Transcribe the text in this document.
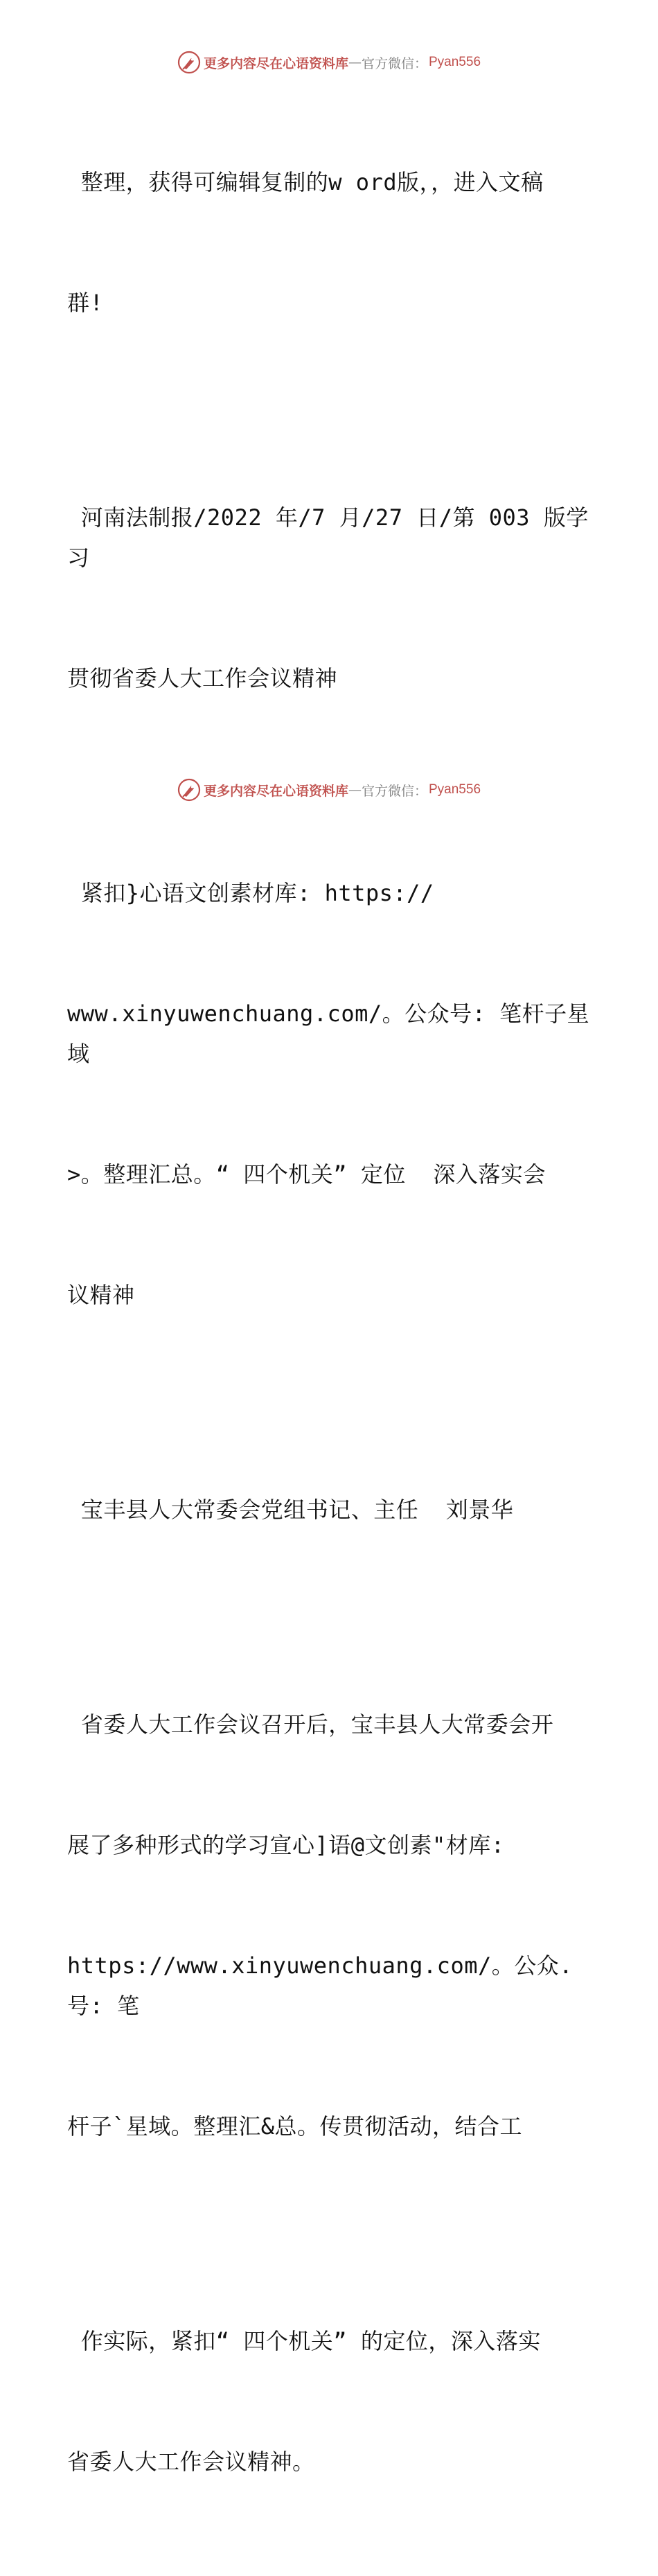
更多内容尽在心语资料库 — 官方微信： Pyan556

整理，获得可编辑复制的w ord版，，进入文稿

群!

河南法制报/2022 年/7 月/27 日/第 003 版学习

贯彻省委人大工作会议精神

紧扣}心语文创素材库: https://

www.xinyuwenchuang.com/。公众号: 笔杆子星域

>。整理汇总。“ 四个机关” 定位  深入落实会

议精神

宝丰县人大常委会党组书记、主任  刘景华

省委人大工作会议召开后，宝丰县人大常委会开

展了多种形式的学习宣心]语@文创素"材库:

https://www.xinyuwenchuang.com/。公众.号: 笔

杆子`星域。整理汇&总。传贯彻活动，结合工

作实际，紧扣“ 四个机关” 的定位，深入落实

省委人大工作会议精神。

更多内容尽在心语资料库 — 官方微信： Pyan556
